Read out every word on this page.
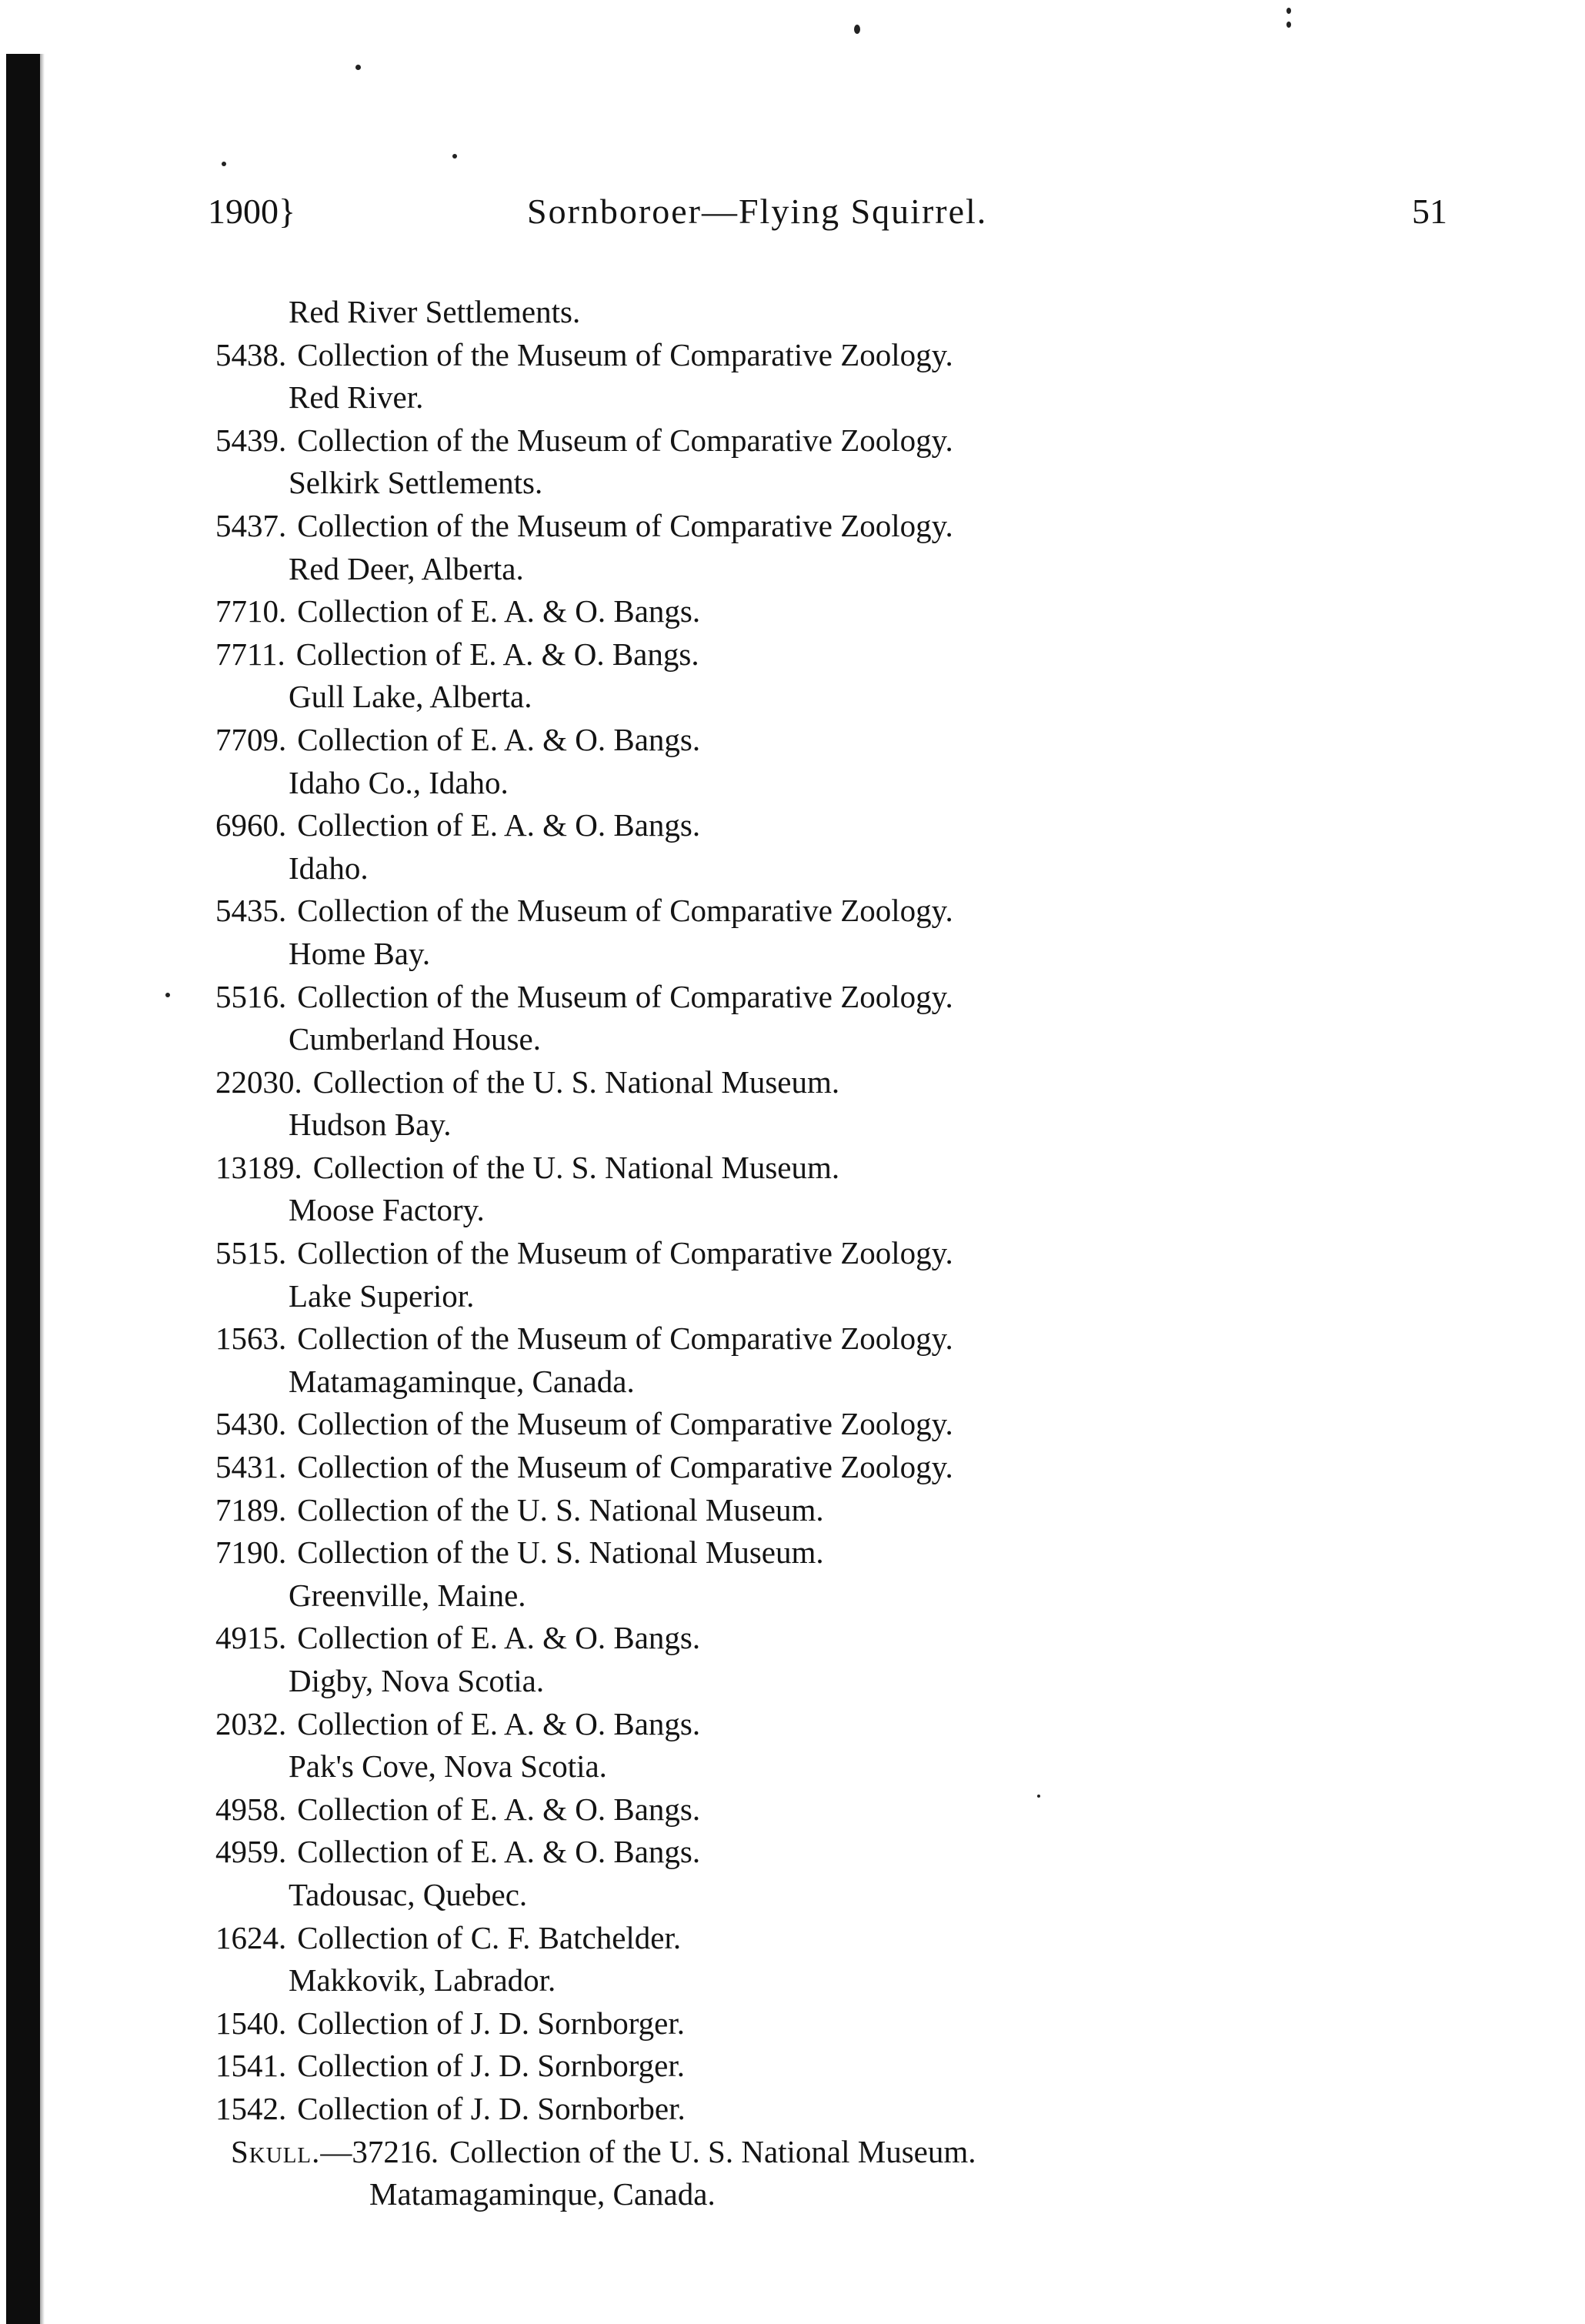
1900}	Sornboroer—Flying Squirrel.	51
Red River Settlements.
5438. Collection of the Museum of Comparative Zoology.
Red River.
5439. Collection of the Museum of Comparative Zoology.
Selkirk Settlements.
5437. Collection of the Museum of Comparative Zoology.
Red Deer, Alberta.
7710. Collection of E. A. & O. Bangs.
7711. Collection of E. A. & O. Bangs.
Gull Lake, Alberta.
7709. Collection of E. A. & O. Bangs.
Idaho Co., Idaho.
6960. Collection of E. A. & O. Bangs.
Idaho.
5435. Collection of the Museum of Comparative Zoology.
Home Bay.
5516. Collection of the Museum of Comparative Zoology.
Cumberland House.
22030. Collection of the U. S. National Museum.
Hudson Bay.
13189. Collection of the U. S. National Museum.
Moose Factory.
5515. Collection of the Museum of Comparative Zoology.
Lake Superior.
1563. Collection of the Museum of Comparative Zoology.
Matamagaminque, Canada.
5430. Collection of the Museum of Comparative Zoology.
5431. Collection of the Museum of Comparative Zoology.
7189. Collection of the U. S. National Museum.
7190. Collection of the U. S. National Museum.
Greenville, Maine.
4915. Collection of E. A. & O. Bangs.
Digby, Nova Scotia.
2032. Collection of E. A. & O. Bangs.
Pak's Cove, Nova Scotia.
4958. Collection of E. A. & O. Bangs.
4959. Collection of E. A. & O. Bangs.
Tadousac, Quebec.
1624. Collection of C. F. Batchelder.
Makkovik, Labrador.
1540. Collection of J. D. Sornborger.
1541. Collection of J. D. Sornborger.
1542. Collection of J. D. Sornborber.
Skull.—37216. Collection of the U. S. National Museum.
Matamagaminque, Canada.
